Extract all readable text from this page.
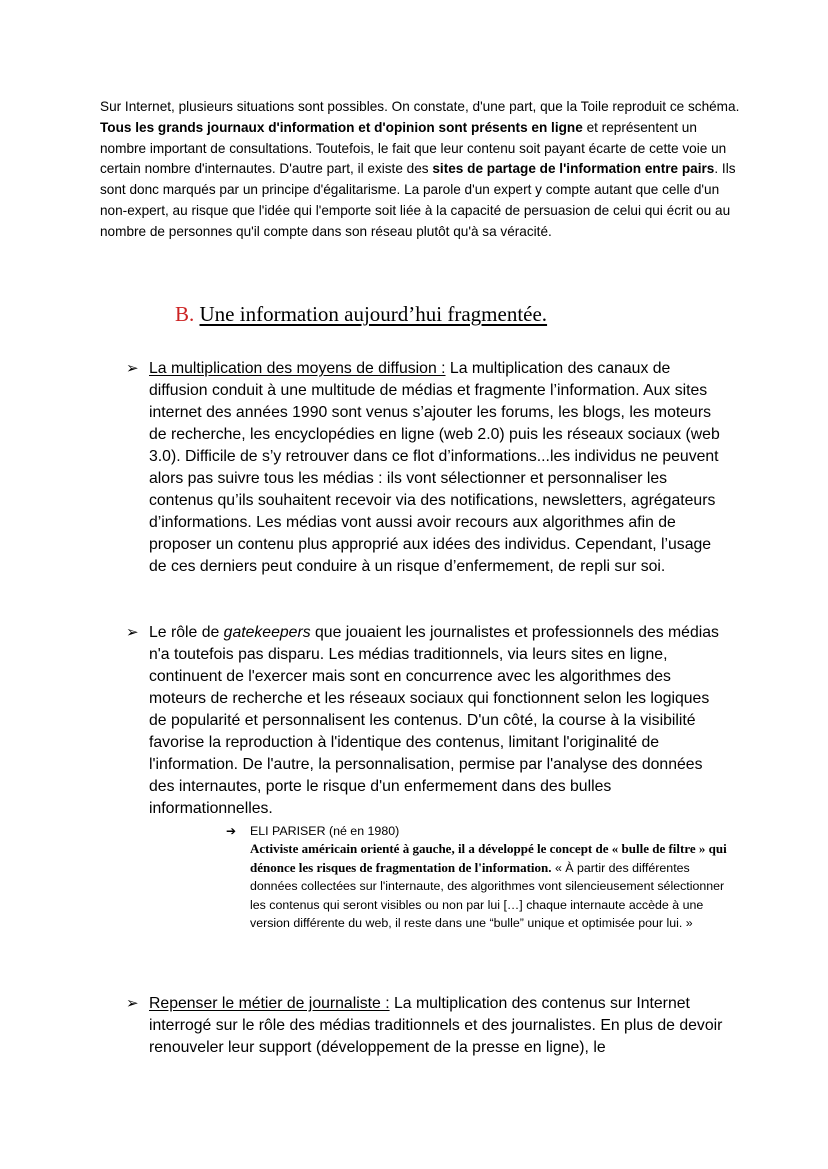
Sur Internet, plusieurs situations sont possibles. On constate, d'une part, que la Toile reproduit ce schéma. Tous les grands journaux d'information et d'opinion sont présents en ligne et représentent un nombre important de consultations. Toutefois, le fait que leur contenu soit payant écarte de cette voie un certain nombre d'internautes. D'autre part, il existe des sites de partage de l'information entre pairs. Ils sont donc marqués par un principe d'égalitarisme. La parole d'un expert y compte autant que celle d'un non-expert, au risque que l'idée qui l'emporte soit liée à la capacité de persuasion de celui qui écrit ou au nombre de personnes qu'il compte dans son réseau plutôt qu'à sa véracité.

B. Une information aujourd’hui fragmentée.
➢ La multiplication des moyens de diffusion : La multiplication des canaux de diffusion conduit à une multitude de médias et fragmente l’information. Aux sites internet des années 1990 sont venus s’ajouter les forums, les blogs, les moteurs de recherche, les encyclopédies en ligne (web 2.0) puis les réseaux sociaux (web 3.0). Difficile de s’y retrouver dans ce flot d’informations...les individus ne peuvent alors pas suivre tous les médias : ils vont sélectionner et personnaliser les contenus qu’ils souhaitent recevoir via des notifications, newsletters, agrégateurs d’informations. Les médias vont aussi avoir recours aux algorithmes afin de proposer un contenu plus approprié aux idées des individus. Cependant, l’usage de ces derniers peut conduire à un risque d’enfermement, de repli sur soi.

➢ Le rôle de gatekeepers que jouaient les journalistes et professionnels des médias n'a toutefois pas disparu. Les médias traditionnels, via leurs sites en ligne, continuent de l'exercer mais sont en concurrence avec les algorithmes des moteurs de recherche et les réseaux sociaux qui fonctionnent selon les logiques de popularité et personnalisent les contenus. D'un côté, la course à la visibilité favorise la reproduction à l'identique des contenus, limitant l'originalité de l'information. De l'autre, la personnalisation, permise par l'analyse des données des internautes, porte le risque d'un enfermement dans des bulles informationnelles.

➔ ELI PARISER (né en 1980)

Activiste américain orienté à gauche, il a développé le concept de « bulle de filtre » qui dénonce les risques de fragmentation de l'information. « À partir des différentes données collectées sur l'internaute, des algorithmes vont silencieusement sélectionner les contenus qui seront visibles ou non par lui […] chaque internaute accède à une version différente du web, il reste dans une “bulle” unique et optimisée pour lui. »

➢ Repenser le métier de journaliste : La multiplication des contenus sur Internet interrogé sur le rôle des médias traditionnels et des journalistes. En plus de devoir renouveler leur support (développement de la presse en ligne), le
